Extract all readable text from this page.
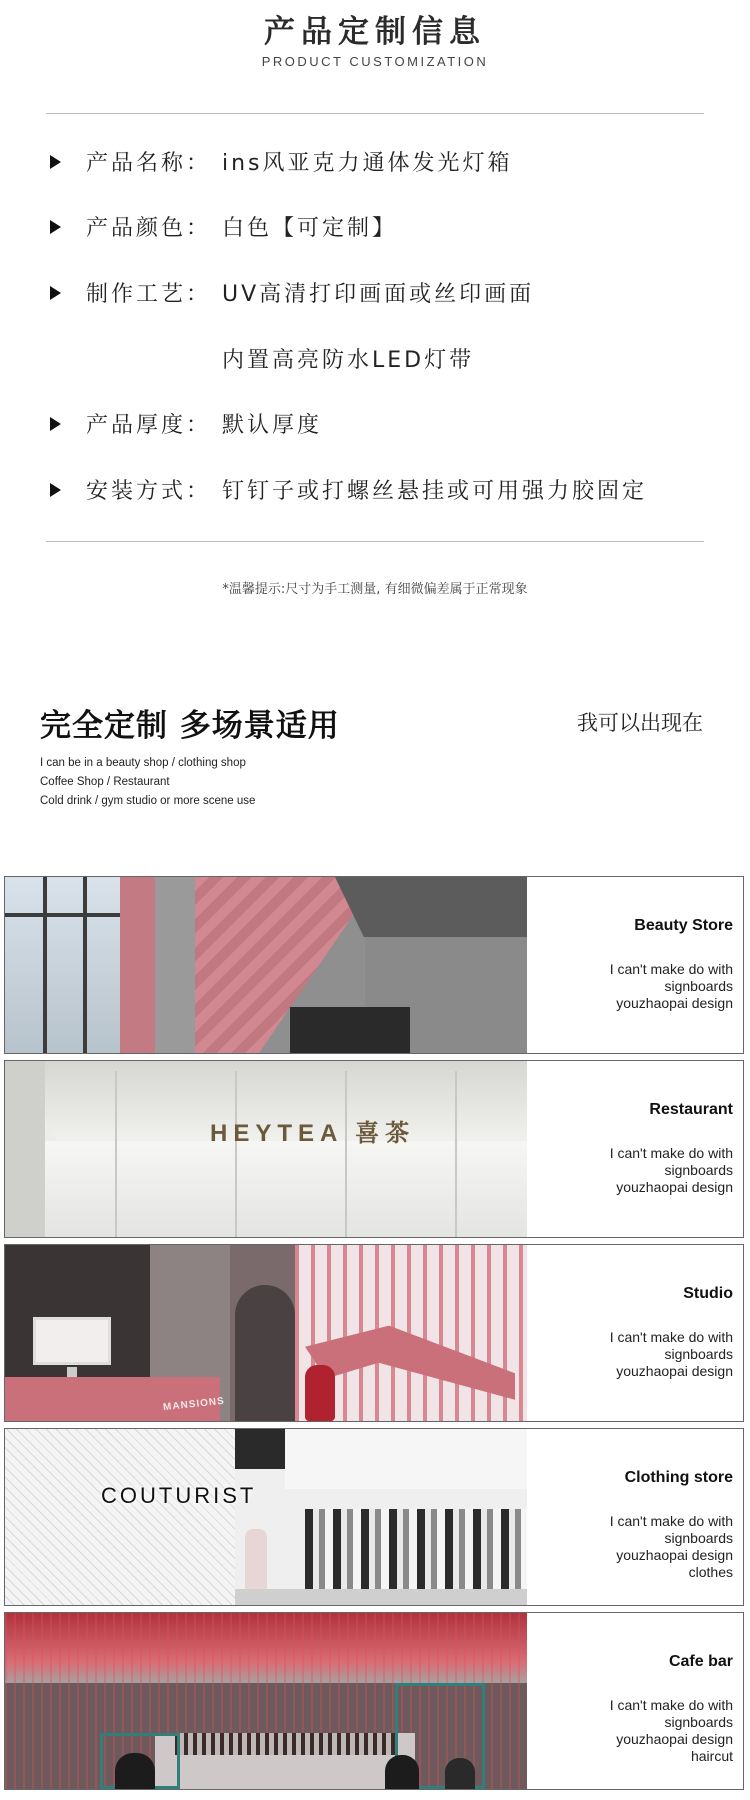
产品定制信息
PRODUCT CUSTOMIZATION
产品名称： ins风亚克力通体发光灯箱
产品颜色： 白色【可定制】
制作工艺： UV高清打印画面或丝印画面
内置高亮防水LED灯带
产品厚度： 默认厚度
安装方式： 钉钉子或打螺丝悬挂或可用强力胶固定
*温馨提示:尺寸为手工测量, 有细微偏差属于正常现象
完全定制 多场景适用	我可以出现在
I can be in a beauty shop / clothing shop
Coffee Shop / Restaurant
Cold drink / gym studio or more scene use
Beauty Store
I can't make do with
signboards
youzhaopai design
HEYTEA 喜茶
Restaurant
I can't make do with
signboards
youzhaopai design
MANSIONS
Studio
I can't make do with
signboards
youzhaopai design
COUTURIST
Clothing store
I can't make do with
signboards
youzhaopai design
clothes
Cafe bar
I can't make do with
signboards
youzhaopai design
haircut
